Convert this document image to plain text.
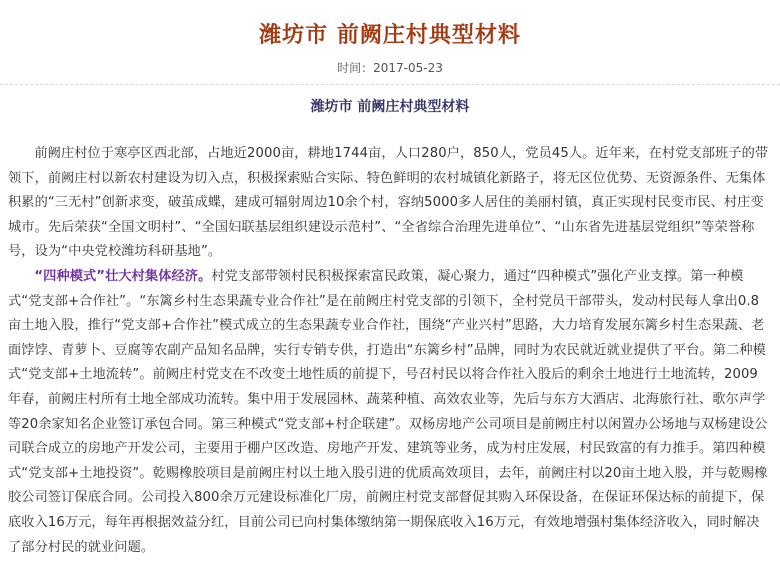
潍坊市 前阙庄村典型材料
时间：2017-05-23
潍坊市 前阙庄村典型材料

前阙庄村位于寒亭区西北部，占地近2000亩，耕地1744亩，人口280户，850人，党员45人。近年来，在村党支部班子的带领下，前阙庄村以新农村建设为切入点，积极探索贴合实际、特色鲜明的农村城镇化新路子，将无区位优势、无资源条件、无集体积累的“三无村”创新求变，破茧成蝶，建成可辐射周边10余个村，容纳5000多人居住的美丽村镇，真正实现村民变市民、村庄变城市。先后荣获“全国文明村”、“全国妇联基层组织建设示范村”、“全省综合治理先进单位”、“山东省先进基层党组织”等荣誉称号，设为“中央党校潍坊科研基地”。

“四种模式”壮大村集体经济。村党支部带领村民积极探索富民政策，凝心聚力，通过“四种模式”强化产业支撑。第一种模式“党支部+合作社”。“东篱乡村生态果蔬专业合作社”是在前阙庄村党支部的引领下，全村党员干部带头，发动村民每人拿出0.8亩土地入股，推行“党支部+合作社”模式成立的生态果蔬专业合作社，围绕“产业兴村”思路，大力培育发展东篱乡村生态果蔬、老面饽饽、青萝卜、豆腐等农副产品知名品牌，实行专销专供，打造出“东篱乡村”品牌，同时为农民就近就业提供了平台。第二种模式“党支部+土地流转”。前阙庄村党支在不改变土地性质的前提下，号召村民以将合作社入股后的剩余土地进行土地流转，2009年春，前阙庄村所有土地全部成功流转。集中用于发展园林、蔬菜种植、高效农业等，先后与东方大酒店、北海旅行社、歌尔声学等20余家知名企业签订承包合同。第三种模式“党支部+村企联建”。双杨房地产公司项目是前阙庄村以闲置办公场地与双杨建设公司联合成立的房地产开发公司，主要用于棚户区改造、房地产开发、建筑等业务，成为村庄发展，村民致富的有力推手。第四种模式“党支部+土地投资”。乾赐橡胶项目是前阙庄村以土地入股引进的优质高效项目，去年，前阙庄村以20亩土地入股，并与乾赐橡胶公司签订保底合同。公司投入800余万元建设标准化厂房，前阙庄村党支部督促其购入环保设备，在保证环保达标的前提下，保底收入16万元，每年再根据效益分红，目前公司已向村集体缴纳第一期保底收入16万元，有效地增强村集体经济收入，同时解决了部分村民的就业问题。
